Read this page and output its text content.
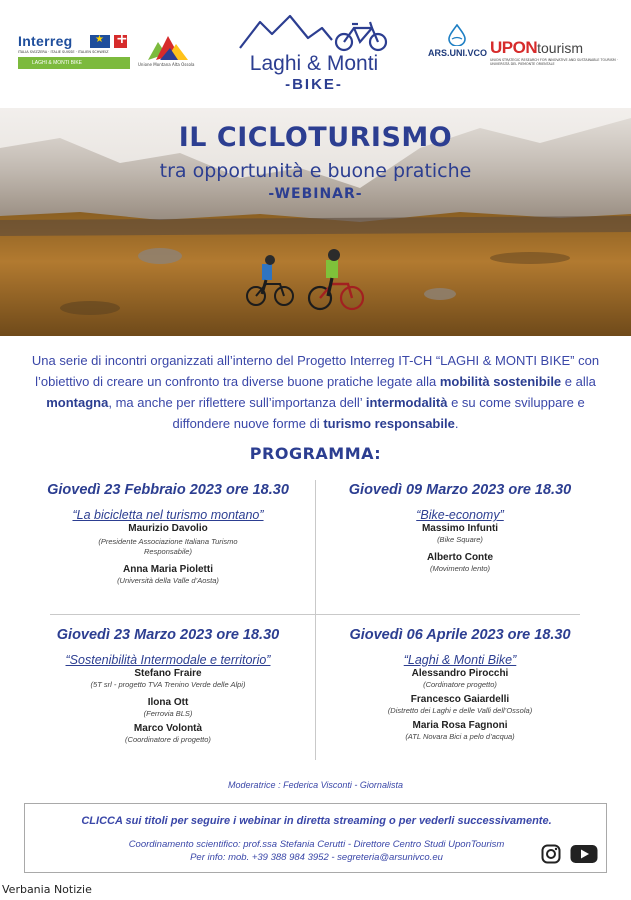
Interreg
★
+
ITALIA SVIZZERA · ITALIE SUISSE · ITALIEN SCHWEIZ
LAGHI & MONTI BIKE	Unione Montana Alta Ossola	Laghi & Monti
-BIKE-
ARS.UNI.VCO UPONtourism
UNION STRATEGIC RESEARCH FOR INNOVATIVE AND SUSTAINABLE TOURISM · UNIVERSITÀ DEL PIEMONTE ORIENTALE
IL CICLOTURISMO
tra opportunità e buone pratiche
-WEBINAR-

Una serie di incontri organizzati all’interno del Progetto Interreg IT-CH “LAGHI & MONTI BIKE” con l’obiettivo di creare un confronto tra diverse buone pratiche legate alla mobilità sostenibile e alla montagna, ma anche per riflettere sull’importanza dell’ intermodalità e su come sviluppare e diffondere nuove forme di turismo responsabile.

PROGRAMMA:
Giovedì 23 Febbraio 2023 ore 18.30
“La bicicletta nel turismo montano”
Maurizio Davolio
(Presidente Associazione Italiana Turismo Responsabile)
Anna Maria Pioletti
(Università della Valle d’Aosta)
Giovedì 09 Marzo 2023 ore 18.30
“Bike-economy”
Massimo Infunti
(Bike Square)
Alberto Conte
(Movimento lento)
Giovedì 23 Marzo 2023 ore 18.30
“Sostenibilità Intermodale e territorio”
Stefano Fraire
(5T srl - progetto TVA Trenino Verde delle Alpi)
Ilona Ott
(Ferrovia BLS)
Marco Volontà
(Coordinatore di progetto)
Giovedì 06 Aprile 2023 ore 18.30
“Laghi & Monti Bike”
Alessandro Pirocchi
(Cordinatore progetto)
Francesco Gaiardelli
(Distretto dei Laghi e delle Valli dell’Ossola)
Maria Rosa Fagnoni
(ATL Novara Bici a pelo d’acqua)
Moderatrice : Federica Visconti - Giornalista
CLICCA sui titoli per seguire i webinar in diretta streaming o per vederli successivamente.
Coordinamento scientifico: prof.ssa Stefania Cerutti - Direttore Centro Studi UponTourism
Per info: mob. +39 388 984 3952 - segreteria@arsunivco.eu
Verbania Notizie
